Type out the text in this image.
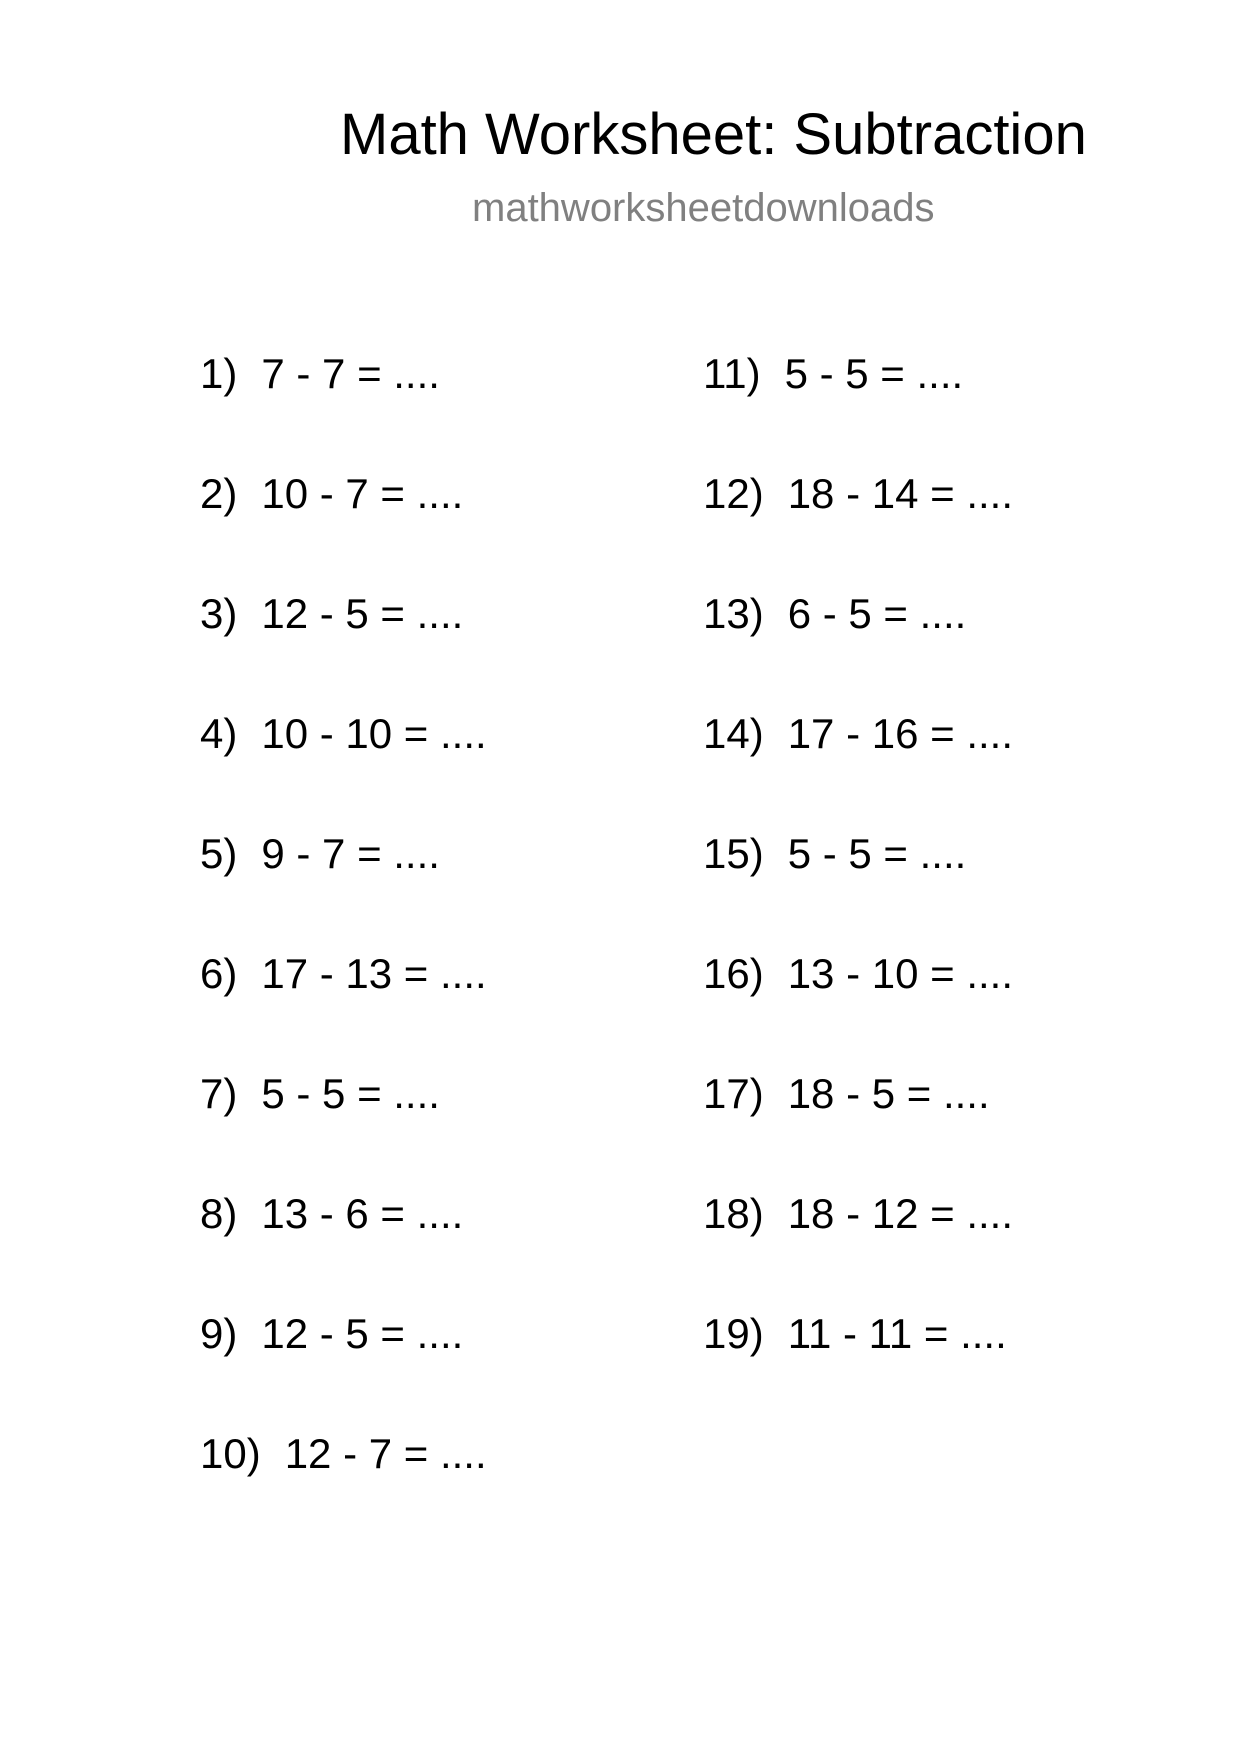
Math Worksheet: Subtraction
mathworksheetdownloads
1) 7 - 7 = ....
2) 10 - 7 = ....
3) 12 - 5 = ....
4) 10 - 10 = ....
5) 9 - 7 = ....
6) 17 - 13 = ....
7) 5 - 5 = ....
8) 13 - 6 = ....
9) 12 - 5 = ....
10) 12 - 7 = ....
11) 5 - 5 = ....
12) 18 - 14 = ....
13) 6 - 5 = ....
14) 17 - 16 = ....
15) 5 - 5 = ....
16) 13 - 10 = ....
17) 18 - 5 = ....
18) 18 - 12 = ....
19) 11 - 11 = ....
